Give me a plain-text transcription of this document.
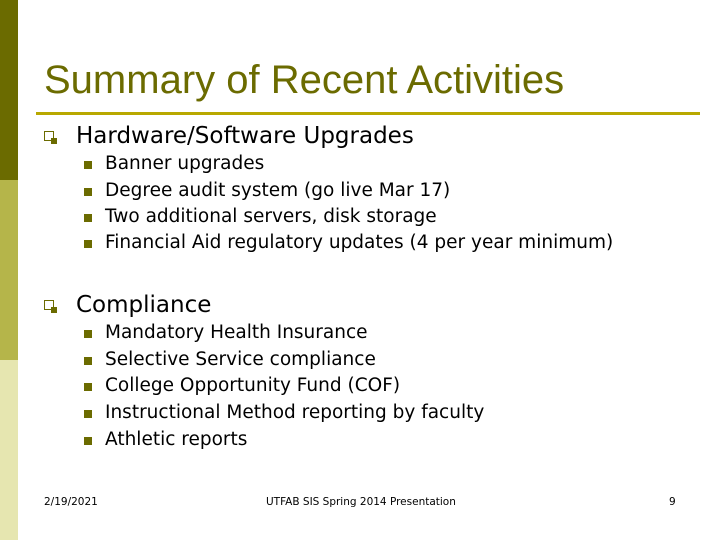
Summary of Recent Activities
Hardware/Software Upgrades
Banner upgrades
Degree audit system (go live Mar 17)
Two additional servers, disk storage
Financial Aid regulatory updates (4 per year minimum)
Compliance
Mandatory Health Insurance
Selective Service compliance
College Opportunity Fund (COF)
Instructional Method reporting by faculty
Athletic reports
2/19/2021	UTFAB SIS Spring 2014 Presentation	9
